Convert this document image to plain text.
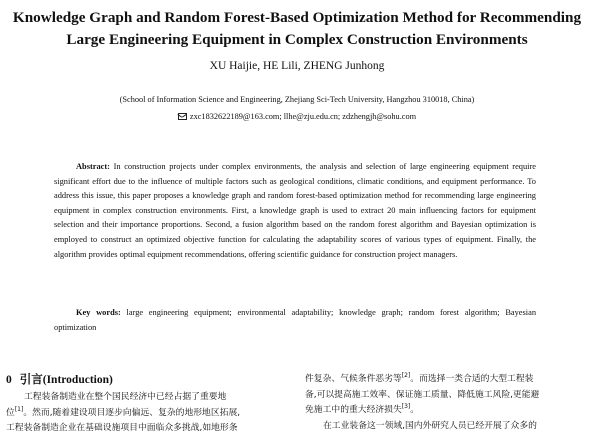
Knowledge Graph and Random Forest-Based Optimization Method for Recommending
Large Engineering Equipment in Complex Construction Environments
XU Haijie, HE Lili, ZHENG Junhong
(School of Information Science and Engineering, Zhejiang Sci-Tech University, Hangzhou 310018, China)
zxc1832622189@163.com; llhe@zju.edu.cn; zdzhengjh@sohu.com

Abstract: In construction projects under complex environments, the analysis and selection of large engineering equipment require significant effort due to the influence of multiple factors such as geological conditions, climatic conditions, and equipment performance. To address this issue, this paper proposes a knowledge graph and random forest-based optimization method for recommending large engineering equipment in complex construction environments. First, a knowledge graph is used to extract 20 main influencing factors for equipment selection and their importance proportions. Second, a fusion algorithm based on the random forest algorithm and Bayesian optimization is employed to construct an optimized objective function for calculating the adaptability scores of various types of equipment. Finally, the algorithm provides optimal equipment recommendations, offering scientific guidance for construction project managers.

Key words: large engineering equipment; environmental adaptability; knowledge graph; random forest algorithm; Bayesian optimization
0 引言(Introduction)

工程装备制造业在整个国民经济中已经占据了重要地

位[1]。然而,随着建设项目逐步向偏远、复杂的地形地区拓展,

工程装备制造企业在基础设施项目中面临众多挑战,如地形条

件复杂、气候条件恶劣等[2]。而选择一类合适的大型工程装

备,可以提高施工效率、保证施工质量、降低施工风险,更能避

免施工中的重大经济损失[3]。

在工业装备这一领域,国内外研究人员已经开展了众多的
